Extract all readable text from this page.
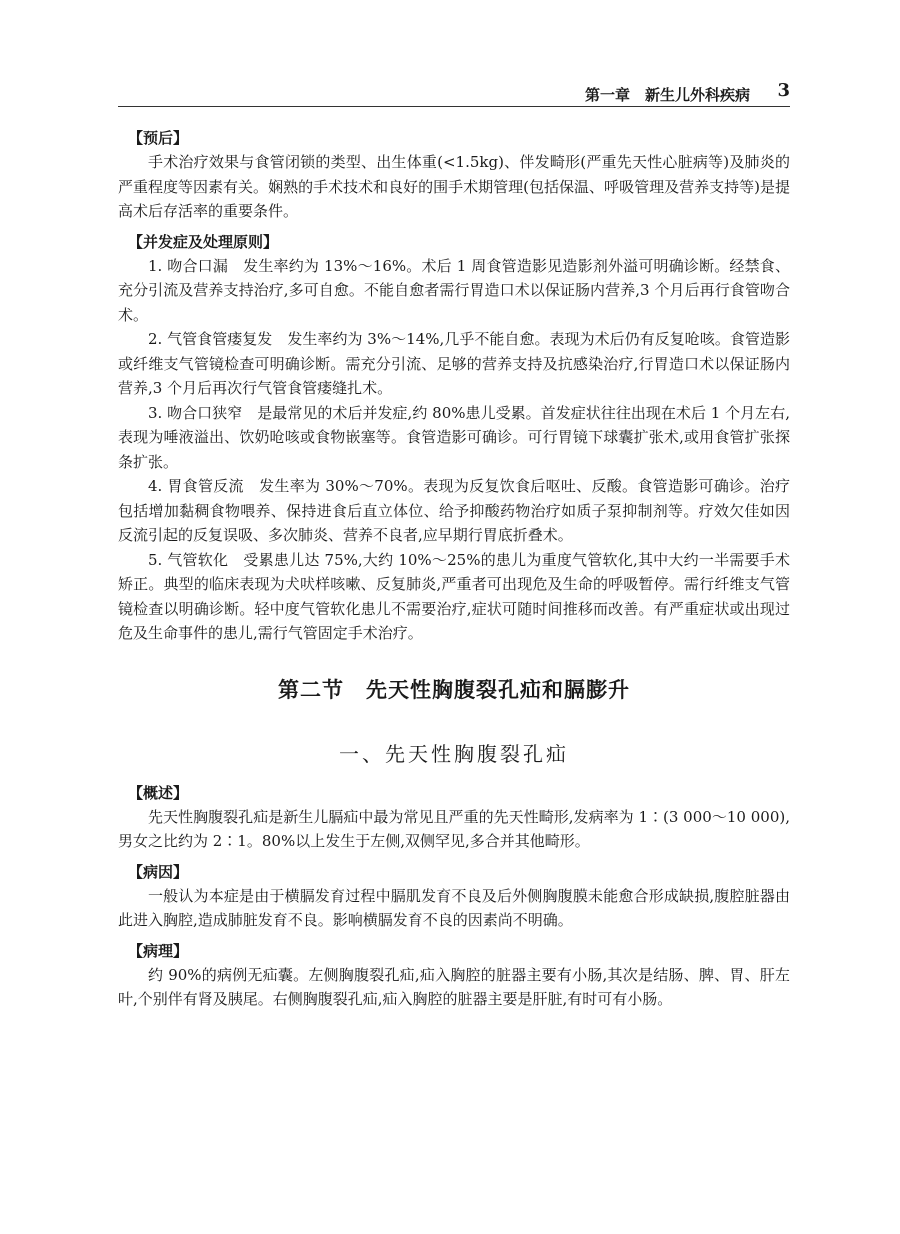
第一章　新生儿外科疾病 3
【预后】

手术治疗效果与食管闭锁的类型、出生体重(<1.5kg)、伴发畸形(严重先天性心脏病等)及肺炎的严重程度等因素有关。娴熟的手术技术和良好的围手术期管理(包括保温、呼吸管理及营养支持等)是提高术后存活率的重要条件。

【并发症及处理原则】

1. 吻合口漏　发生率约为 13%～16%。术后 1 周食管造影见造影剂外溢可明确诊断。经禁食、充分引流及营养支持治疗,多可自愈。不能自愈者需行胃造口术以保证肠内营养,3 个月后再行食管吻合术。

2. 气管食管瘘复发　发生率约为 3%～14%,几乎不能自愈。表现为术后仍有反复呛咳。食管造影或纤维支气管镜检查可明确诊断。需充分引流、足够的营养支持及抗感染治疗,行胃造口术以保证肠内营养,3 个月后再次行气管食管瘘缝扎术。

3. 吻合口狭窄　是最常见的术后并发症,约 80%患儿受累。首发症状往往出现在术后 1 个月左右,表现为唾液溢出、饮奶呛咳或食物嵌塞等。食管造影可确诊。可行胃镜下球囊扩张术,或用食管扩张探条扩张。

4. 胃食管反流　发生率为 30%～70%。表现为反复饮食后呕吐、反酸。食管造影可确诊。治疗包括增加黏稠食物喂养、保持进食后直立体位、给予抑酸药物治疗如质子泵抑制剂等。疗效欠佳如因反流引起的反复误吸、多次肺炎、营养不良者,应早期行胃底折叠术。

5. 气管软化　受累患儿达 75%,大约 10%～25%的患儿为重度气管软化,其中大约一半需要手术矫正。典型的临床表现为犬吠样咳嗽、反复肺炎,严重者可出现危及生命的呼吸暂停。需行纤维支气管镜检查以明确诊断。轻中度气管软化患儿不需要治疗,症状可随时间推移而改善。有严重症状或出现过危及生命事件的患儿,需行气管固定手术治疗。

第二节　先天性胸腹裂孔疝和膈膨升
一、先天性胸腹裂孔疝
【概述】

先天性胸腹裂孔疝是新生儿膈疝中最为常见且严重的先天性畸形,发病率为 1∶(3 000～10 000),男女之比约为 2∶1。80%以上发生于左侧,双侧罕见,多合并其他畸形。

【病因】

一般认为本症是由于横膈发育过程中膈肌发育不良及后外侧胸腹膜未能愈合形成缺损,腹腔脏器由此进入胸腔,造成肺脏发育不良。影响横膈发育不良的因素尚不明确。

【病理】

约 90%的病例无疝囊。左侧胸腹裂孔疝,疝入胸腔的脏器主要有小肠,其次是结肠、脾、胃、肝左叶,个别伴有肾及胰尾。右侧胸腹裂孔疝,疝入胸腔的脏器主要是肝脏,有时可有小肠。
